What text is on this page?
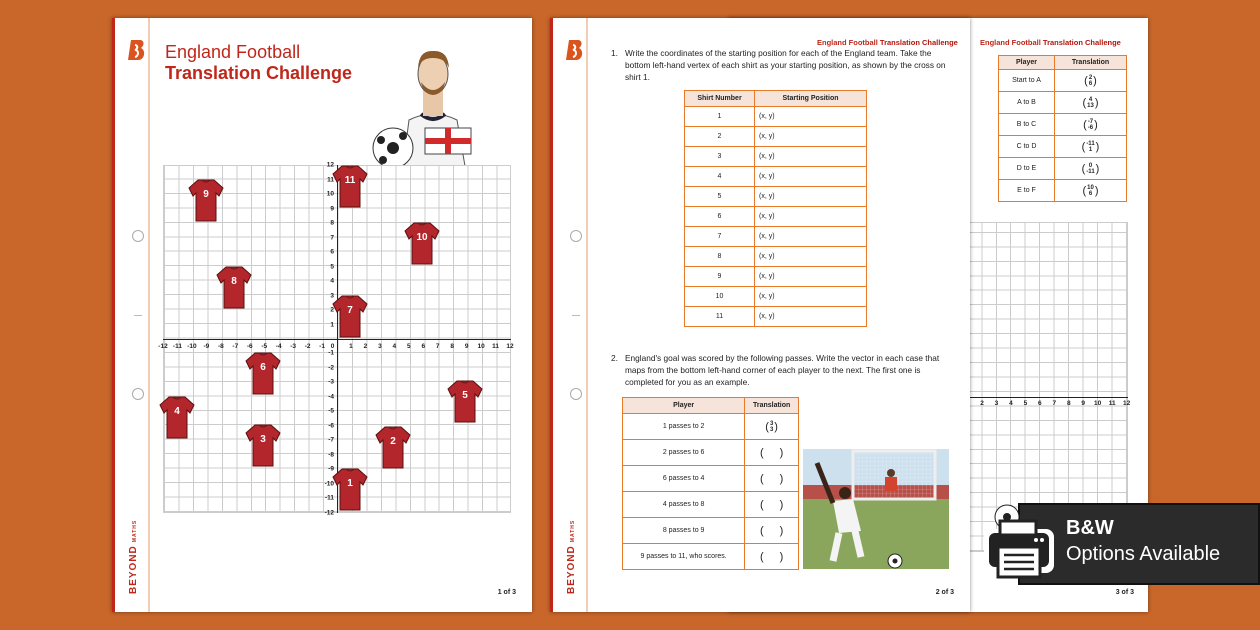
England Football Translation Challenge
Player	Translation
Start to A	( 2
6 )
A to B	( 4
13 )
B to C	( -7
-6 )
C to D	( -11
1 )
D to E	( 0
-11 )
E to F	( 10
6 )
2 3 4 5 6 7 8 9 10 11 12
3 of 3
England Football
Translation Challenge
-12 -11 -10 -9 -8 -7 -6 -5 -4 -3 -2 -1 0 1 2 3 4 5 6 7 8 9 10 11 12
12
11
10
9
8
7
6
5
4
3
2
1
-1
-2
-3
-4
-5
-6
-7
-8
-9
-10
-11
-12
9
11
10
8
7
6
4
5
3	2
1
BEYONDMATHS
1 of 3
England Football Translation Challenge
1. Write the coordinates of the starting position for each of the England team. Take the bottom left-hand vertex of each shirt as your starting position, as shown by the cross on shirt 1.
Shirt Number	Starting Position
1	(x, y)
2	(x, y)
3	(x, y)
4	(x, y)
5	(x, y)
6	(x, y)
7	(x, y)
8	(x, y)
9	(x, y)
10	(x, y)
11	(x, y)
2. England's goal was scored by the following passes. Write the vector in each case that maps from the bottom left-hand corner of each player to the next. The first one is completed for you as an example.
Player	Translation
1 passes to 2	( 3
3 )
2 passes to 6	( )
6 passes to 4	( )
4 passes to 8	( )
8 passes to 9	( )
9 passes to 11, who scores.	( )
BEYONDMATHS
2 of 3
B&W
Options Available
